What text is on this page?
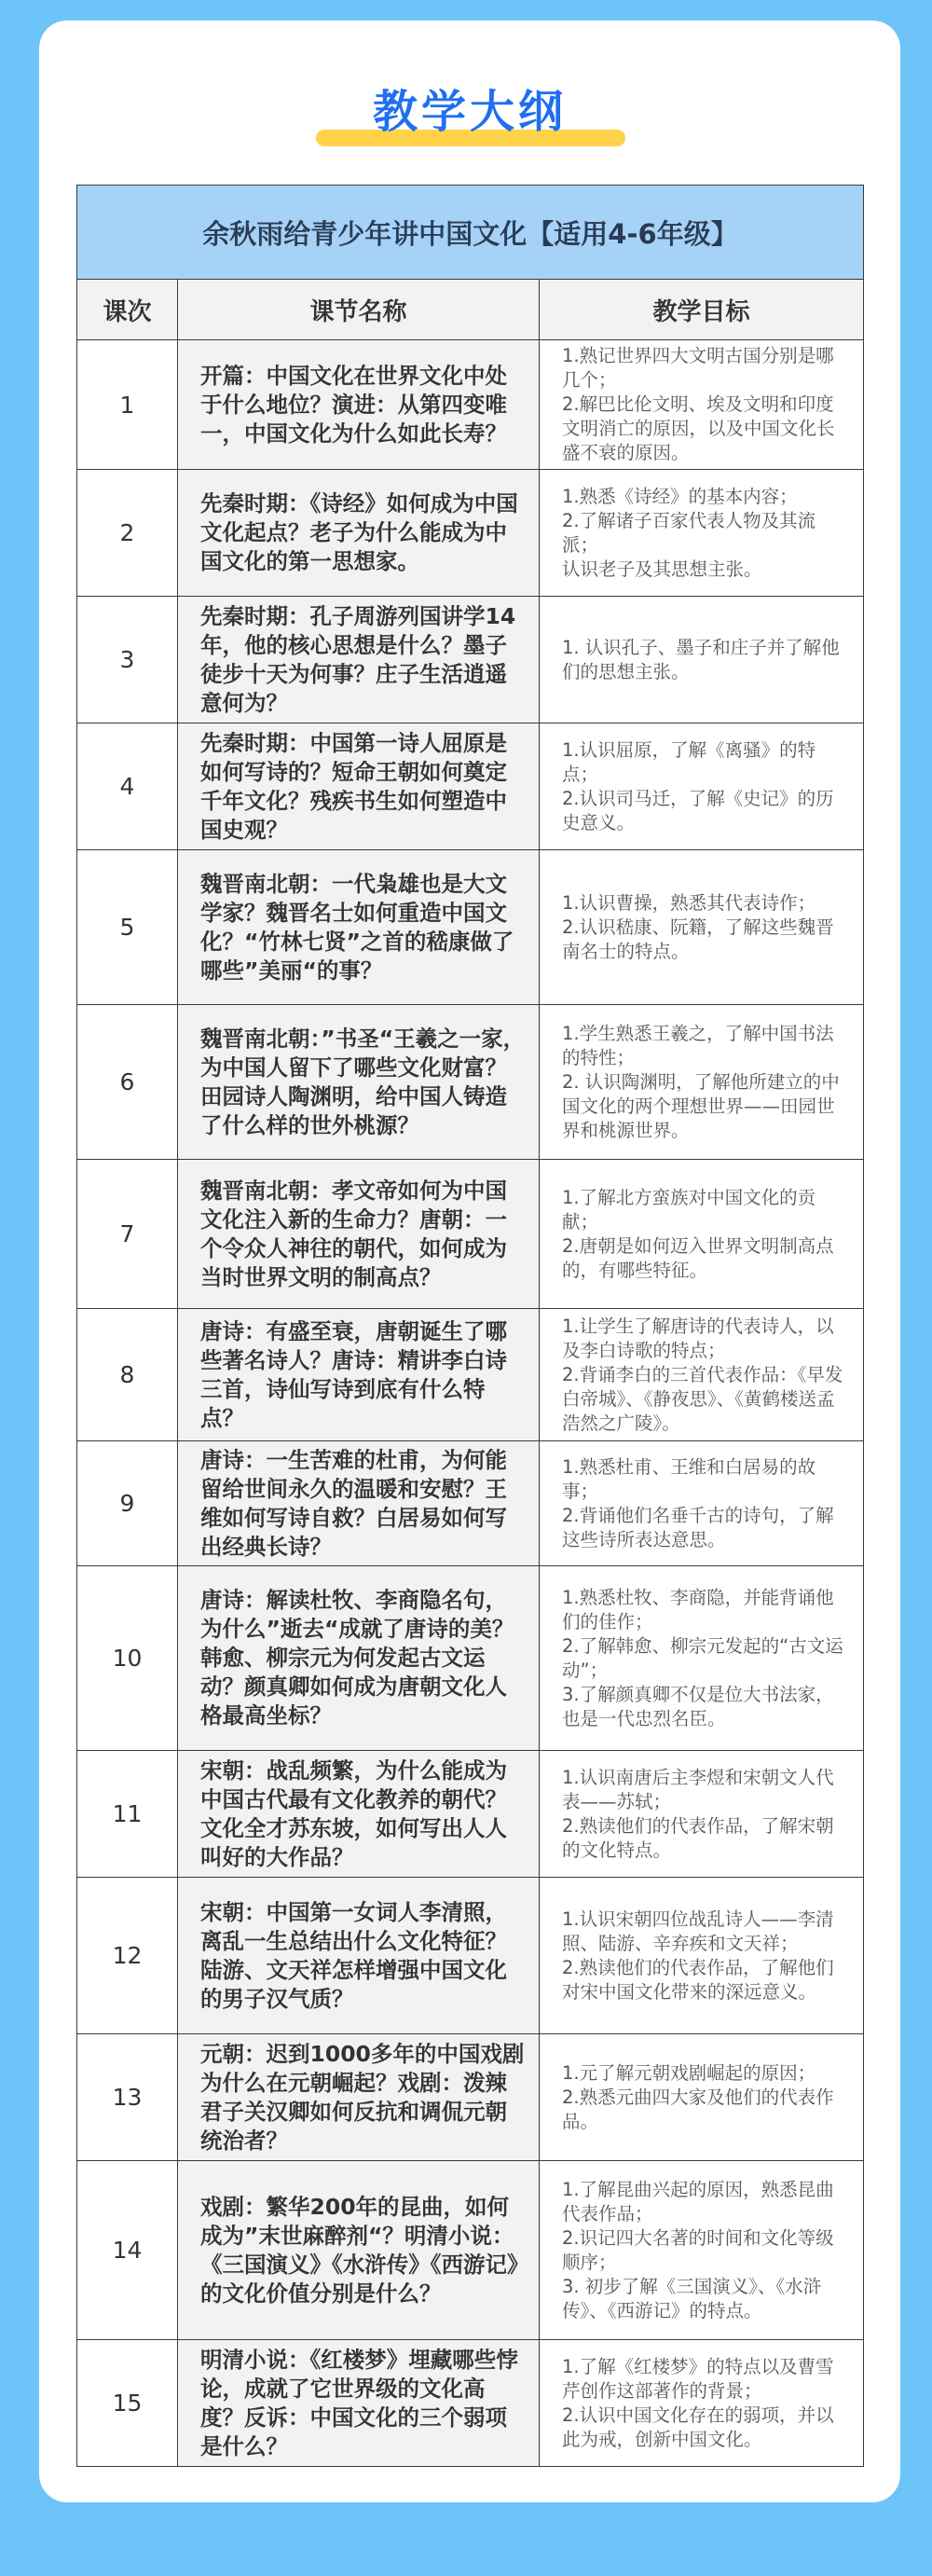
教学大纲
余秋雨给青少年讲中国文化【适用4-6年级】		
课次	课节名称	教学目标
1	开篇：中国文化在世界文化中处于什么地位？演进：从第四变唯一，中国文化为什么如此长寿？	1.熟记世界四大文明古国分别是哪几个；
2.解巴比伦文明、埃及文明和印度文明消亡的原因，以及中国文化长盛不衰的原因。

2	先秦时期：《诗经》如何成为中国文化起点？老子为什么能成为中国文化的第一思想家。	1.熟悉《诗经》的基本内容；
2.了解诸子百家代表人物及其流派；
认识老子及其思想主张。

3	先秦时期：孔子周游列国讲学14年，他的核心思想是什么？墨子徒步十天为何事？庄子生活逍遥意何为？	1. 认识孔子、墨子和庄子并了解他们的思想主张。

4	先秦时期：中国第一诗人屈原是如何写诗的？短命王朝如何奠定千年文化？残疾书生如何塑造中国史观？	1.认识屈原，了解《离骚》的特点；
2.认识司马迁，了解《史记》的历史意义。

5	魏晋南北朝：一代枭雄也是大文学家？魏晋名士如何重造中国文化？“竹林七贤”之首的嵇康做了哪些”美丽“的事？	1.认识曹操，熟悉其代表诗作；
2.认识嵇康、阮籍，了解这些魏晋南名士的特点。

6	魏晋南北朝：”书圣“王羲之一家，为中国人留下了哪些文化财富？田园诗人陶渊明，给中国人铸造了什么样的世外桃源？	1.学生熟悉王羲之，了解中国书法的特性；
2. 认识陶渊明，了解他所建立的中国文化的两个理想世界——田园世界和桃源世界。

7	魏晋南北朝：孝文帝如何为中国文化注入新的生命力？唐朝：一个令众人神往的朝代，如何成为当时世界文明的制高点？	1.了解北方蛮族对中国文化的贡献；
2.唐朝是如何迈入世界文明制高点的，有哪些特征。

8	唐诗：有盛至衰，唐朝诞生了哪些著名诗人？唐诗：精讲李白诗三首，诗仙写诗到底有什么特点？	1.让学生了解唐诗的代表诗人，以及李白诗歌的特点；
2.背诵李白的三首代表作品：《早发白帝城》、《静夜思》、《黄鹤楼送孟浩然之广陵》。

9	唐诗：一生苦难的杜甫，为何能留给世间永久的温暖和安慰？王维如何写诗自救？白居易如何写出经典长诗？	1.熟悉杜甫、王维和白居易的故事；
2.背诵他们名垂千古的诗句，了解这些诗所表达意思。

10	唐诗：解读杜牧、李商隐名句，为什么”逝去“成就了唐诗的美？韩愈、柳宗元为何发起古文运动？颜真卿如何成为唐朝文化人格最高坐标？	1.熟悉杜牧、李商隐，并能背诵他们的佳作；
2.了解韩愈、柳宗元发起的“古文运动”；
3.了解颜真卿不仅是位大书法家，也是一代忠烈名臣。

11	宋朝：战乱频繁，为什么能成为中国古代最有文化教养的朝代？文化全才苏东坡，如何写出人人叫好的大作品？	1.认识南唐后主李煜和宋朝文人代表——苏轼；
2.熟读他们的代表作品，了解宋朝的文化特点。

12	宋朝：中国第一女词人李清照，离乱一生总结出什么文化特征？陆游、文天祥怎样增强中国文化的男子汉气质？	1.认识宋朝四位战乱诗人——李清照、陆游、辛弃疾和文天祥；
2.熟读他们的代表作品，了解他们对宋中国文化带来的深远意义。

13	元朝：迟到1000多年的中国戏剧为什么在元朝崛起？戏剧：泼辣君子关汉卿如何反抗和调侃元朝统治者？	1.元了解元朝戏剧崛起的原因；
2.熟悉元曲四大家及他们的代表作品。

14	戏剧：繁华200年的昆曲，如何成为”末世麻醉剂“？明清小说：《三国演义》《水浒传》《西游记》的文化价值分别是什么？	1.了解昆曲兴起的原因，熟悉昆曲代表作品；
2.识记四大名著的时间和文化等级顺序；
3. 初步了解《三国演义》、《水浒传》、《西游记》的特点。

15	明清小说：《红楼梦》埋藏哪些悖论，成就了它世界级的文化高度？反诉：中国文化的三个弱项是什么？	1.了解《红楼梦》的特点以及曹雪芹创作这部著作的背景；
2.认识中国文化存在的弱项，并以此为戒，创新中国文化。
